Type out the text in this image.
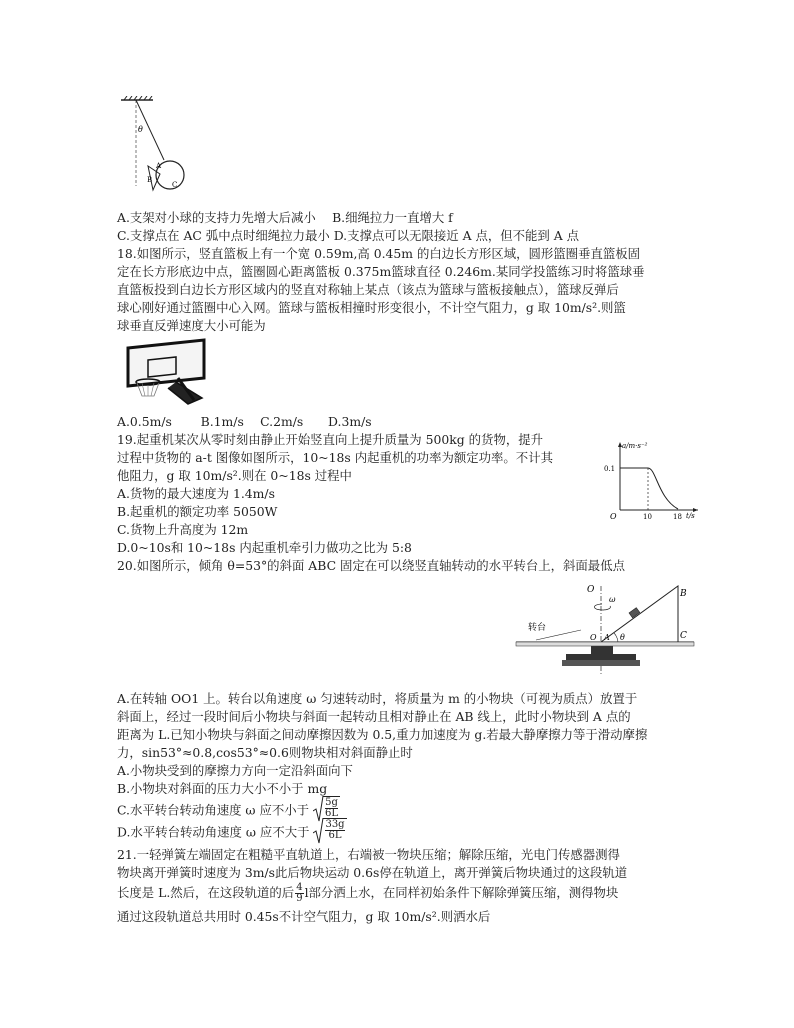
θ
A
B
C
A.支架对小球的支持力先增大后减小　 B.细绳拉力一直增大 f
C.支撑点在 AC 弧中点时细绳拉力最小 D.支撑点可以无限接近 A 点，但不能到 A 点
18.如图所示，竖直篮板上有一个宽 0.59m,高 0.45m 的白边长方形区域，圆形篮圈垂直篮板固
定在长方形底边中点，篮圈圆心距离篮板 0.375m篮球直径 0.246m.某同学投篮练习时将篮球垂
直篮板投到白边长方形区域内的竖直对称轴上某点（该点为篮球与篮板接触点），篮球反弹后
球心刚好通过篮圈中心入网。篮球与篮板相撞时形变很小，不计空气阻力，g 取 10m/s².则篮
球垂直反弹速度大小可能为
A.0.5m/s　　 B.1m/s　 C.2m/s　　D.3m/s
19.起重机某次从零时刻由静止开始竖直向上提升质量为 500kg 的货物，提升
过程中货物的 a-t 图像如图所示，10~18s 内起重机的功率为额定功率。不计其
他阻力，g 取 10m/s².则在 0~18s 过程中
A.货物的最大速度为 1.4m/s
B.起重机的额定功率 5050W
C.货物上升高度为 12m
D.0~10s和 10~18s 内起重机牵引力做功之比为 5:8
a/m·s⁻²
t/s
O
0.1
10	18
20.如图所示，倾角 θ=53°的斜面 ABC 固定在可以绕竖直轴转动的水平转台上，斜面最低点
O
ω
B
A
O	C
θ
转台
A.在转轴 OO1 上。转台以角速度 ω 匀速转动时，将质量为 m 的小物块（可视为质点）放置于
斜面上，经过一段时间后小物块与斜面一起转动且相对静止在 AB 线上，此时小物块到 A 点的
距离为 L.已知小物块与斜面之间动摩擦因数为 0.5,重力加速度为 g.若最大静摩擦力等于滑动摩擦
力，sin53°≈0.8,cos53°≈0.6则物块相对斜面静止时
A.小物块受到的摩擦力方向一定沿斜面向下
B.小物块对斜面的压力大小不小于 mg
C.水平转台转动角速度 ω 应不小于 $\frac{5g}{6L}$
D.水平转台转动角速度 ω 应不大于 $\frac{33g}{6L}$
21.一轻弹簧左端固定在粗糙平直轨道上，右端被一物块压缩；解除压缩，光电门传感器测得
物块离开弹簧时速度为 3m/s此后物块运动 0.6s停在轨道上，离开弹簧后物块通过的这段轨道
长度是 L.然后，在这段轨道的后 $\frac{4}{9}$ l部分洒上水，在同样初始条件下解除弹簧压缩，测得物块
通过这段轨道总共用时 0.45s不计空气阻力，g 取 10m/s².则洒水后
